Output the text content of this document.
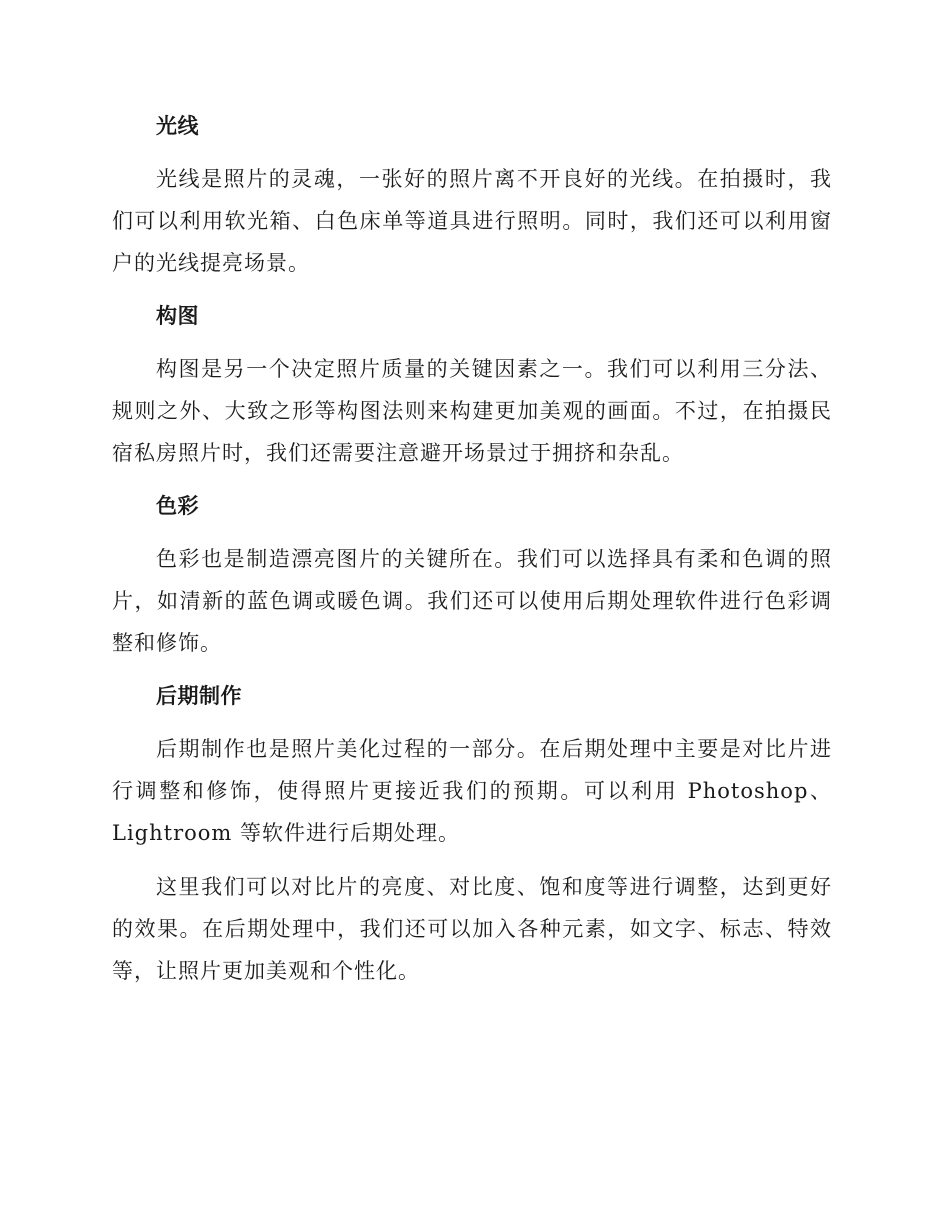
光线

光线是照片的灵魂，一张好的照片离不开良好的光线。在拍摄时，我们可以利用软光箱、白色床单等道具进行照明。同时，我们还可以利用窗户的光线提亮场景。

构图

构图是另一个决定照片质量的关键因素之一。我们可以利用三分法、规则之外、大致之形等构图法则来构建更加美观的画面。不过，在拍摄民宿私房照片时，我们还需要注意避开场景过于拥挤和杂乱。

色彩

色彩也是制造漂亮图片的关键所在。我们可以选择具有柔和色调的照片，如清新的蓝色调或暖色调。我们还可以使用后期处理软件进行色彩调整和修饰。

后期制作

后期制作也是照片美化过程的一部分。在后期处理中主要是对比片进行调整和修饰，使得照片更接近我们的预期。可以利用 Photoshop、Lightroom 等软件进行后期处理。

这里我们可以对比片的亮度、对比度、饱和度等进行调整，达到更好的效果。在后期处理中，我们还可以加入各种元素，如文字、标志、特效等，让照片更加美观和个性化。
